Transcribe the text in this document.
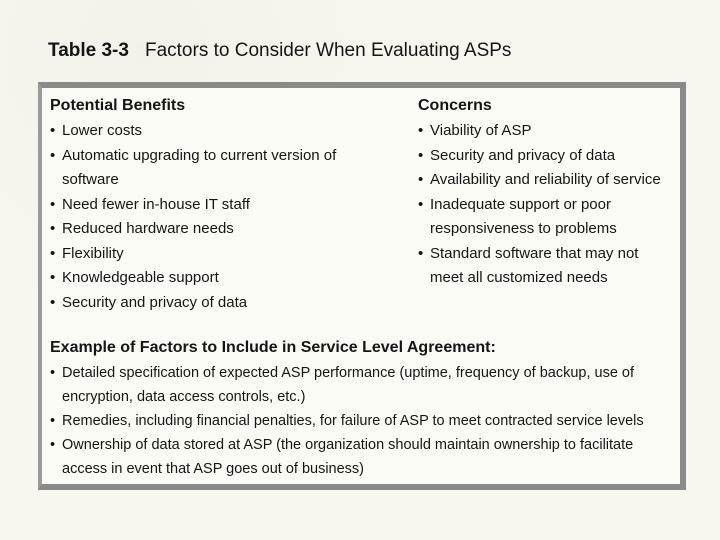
Table 3-3 Factors to Consider When Evaluating ASPs
Potential Benefits
• Lower costs
• Automatic upgrading to current version of software
• Need fewer in-house IT staff
• Reduced hardware needs
• Flexibility
• Knowledgeable support
• Security and privacy of data
Concerns
• Viability of ASP
• Security and privacy of data
• Availability and reliability of service
• Inadequate support or poor responsiveness to problems
• Standard software that may not meet all customized needs
Example of Factors to Include in Service Level Agreement:
• Detailed specification of expected ASP performance (uptime, frequency of backup, use of encryption, data access controls, etc.)
• Remedies, including financial penalties, for failure of ASP to meet contracted service levels
• Ownership of data stored at ASP (the organization should maintain ownership to facilitate access in event that ASP goes out of business)
